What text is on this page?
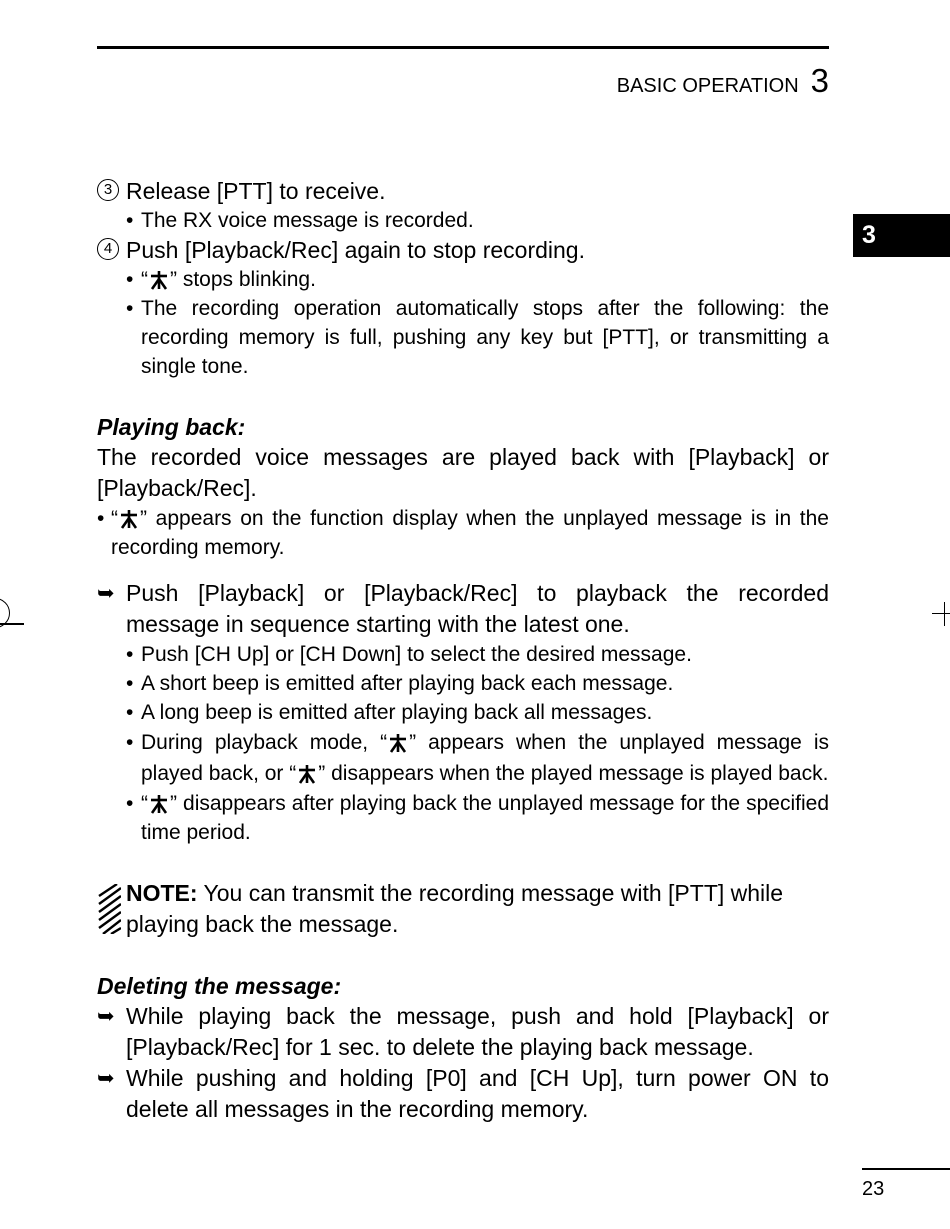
BASIC OPERATION 3
3

3 Release [PTT] to receive.

• The RX voice message is recorded.

4 Push [Playback/Rec] again to stop recording.

• “ ” stops blinking.

• The recording operation automatically stops after the following: the recording memory is full, pushing any key but [PTT], or transmitting a single tone.

Playing back:

The recorded voice messages are played back with [Playback] or [Playback/Rec].

• “ ” appears on the function display when the unplayed message is in the recording memory.

➥ Push [Playback] or [Playback/Rec] to playback the recorded message in sequence starting with the latest one.

• Push [CH Up] or [CH Down] to select the desired message.

• A short beep is emitted after playing back each message.

• A long beep is emitted after playing back all messages.

• During playback mode, “ ” appears when the unplayed message is played back, or “ ” disappears when the played message is played back.

• “ ” disappears after playing back the unplayed message for the specified time period.

NOTE: You can transmit the recording message with [PTT] while playing back the message.

Deleting the message:

➥ While playing back the message, push and hold [Playback] or [Playback/Rec] for 1 sec. to delete the playing back message.

➥ While pushing and holding [P0] and [CH Up], turn power ON to delete all messages in the recording memory.

23
